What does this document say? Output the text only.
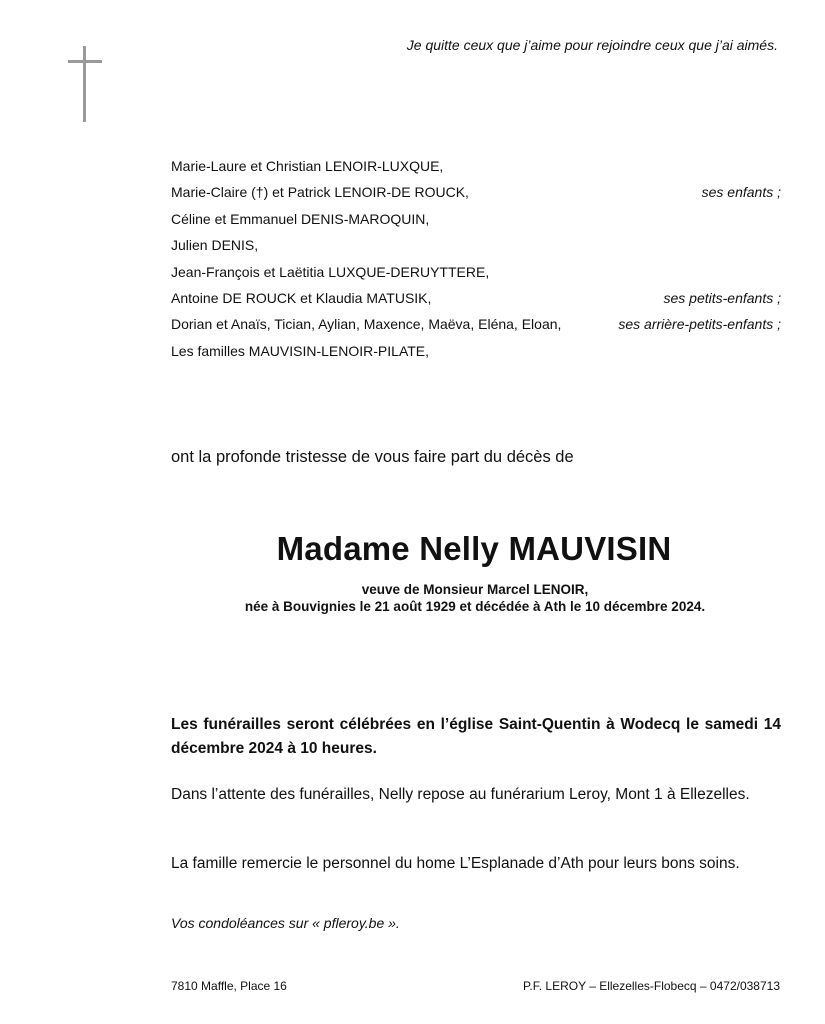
Je quitte ceux que j’aime pour rejoindre ceux que j’ai aimés.
Marie-Laure et Christian LENOIR-LUXQUE,
Marie-Claire (†) et Patrick LENOIR-DE ROUCK,	ses enfants ;
Céline et Emmanuel DENIS-MAROQUIN,
Julien DENIS,
Jean-François et Laëtitia LUXQUE-DERUYTTERE,
Antoine DE ROUCK et Klaudia MATUSIK,	ses petits-enfants ;
Dorian et Anaïs, Tician, Aylian, Maxence, Maëva, Eléna, Eloan,	ses arrière-petits-enfants ;
Les familles MAUVISIN-LENOIR-PILATE,
ont la profonde tristesse de vous faire part du décès de
Madame Nelly MAUVISIN
veuve de Monsieur Marcel LENOIR,
née à Bouvignies le 21 août 1929 et décédée à Ath le 10 décembre 2024.

Les funérailles seront célébrées en l’église Saint-Quentin à Wodecq le samedi 14 décembre 2024 à 10 heures.

Dans l’attente des funérailles, Nelly repose au funérarium Leroy, Mont 1 à Ellezelles.

La famille remercie le personnel du home L’Esplanade d’Ath pour leurs bons soins.

Vos condoléances sur « pfleroy.be ».
7810 Maffle, Place 16	P.F. LEROY – Ellezelles-Flobecq – 0472/038713
